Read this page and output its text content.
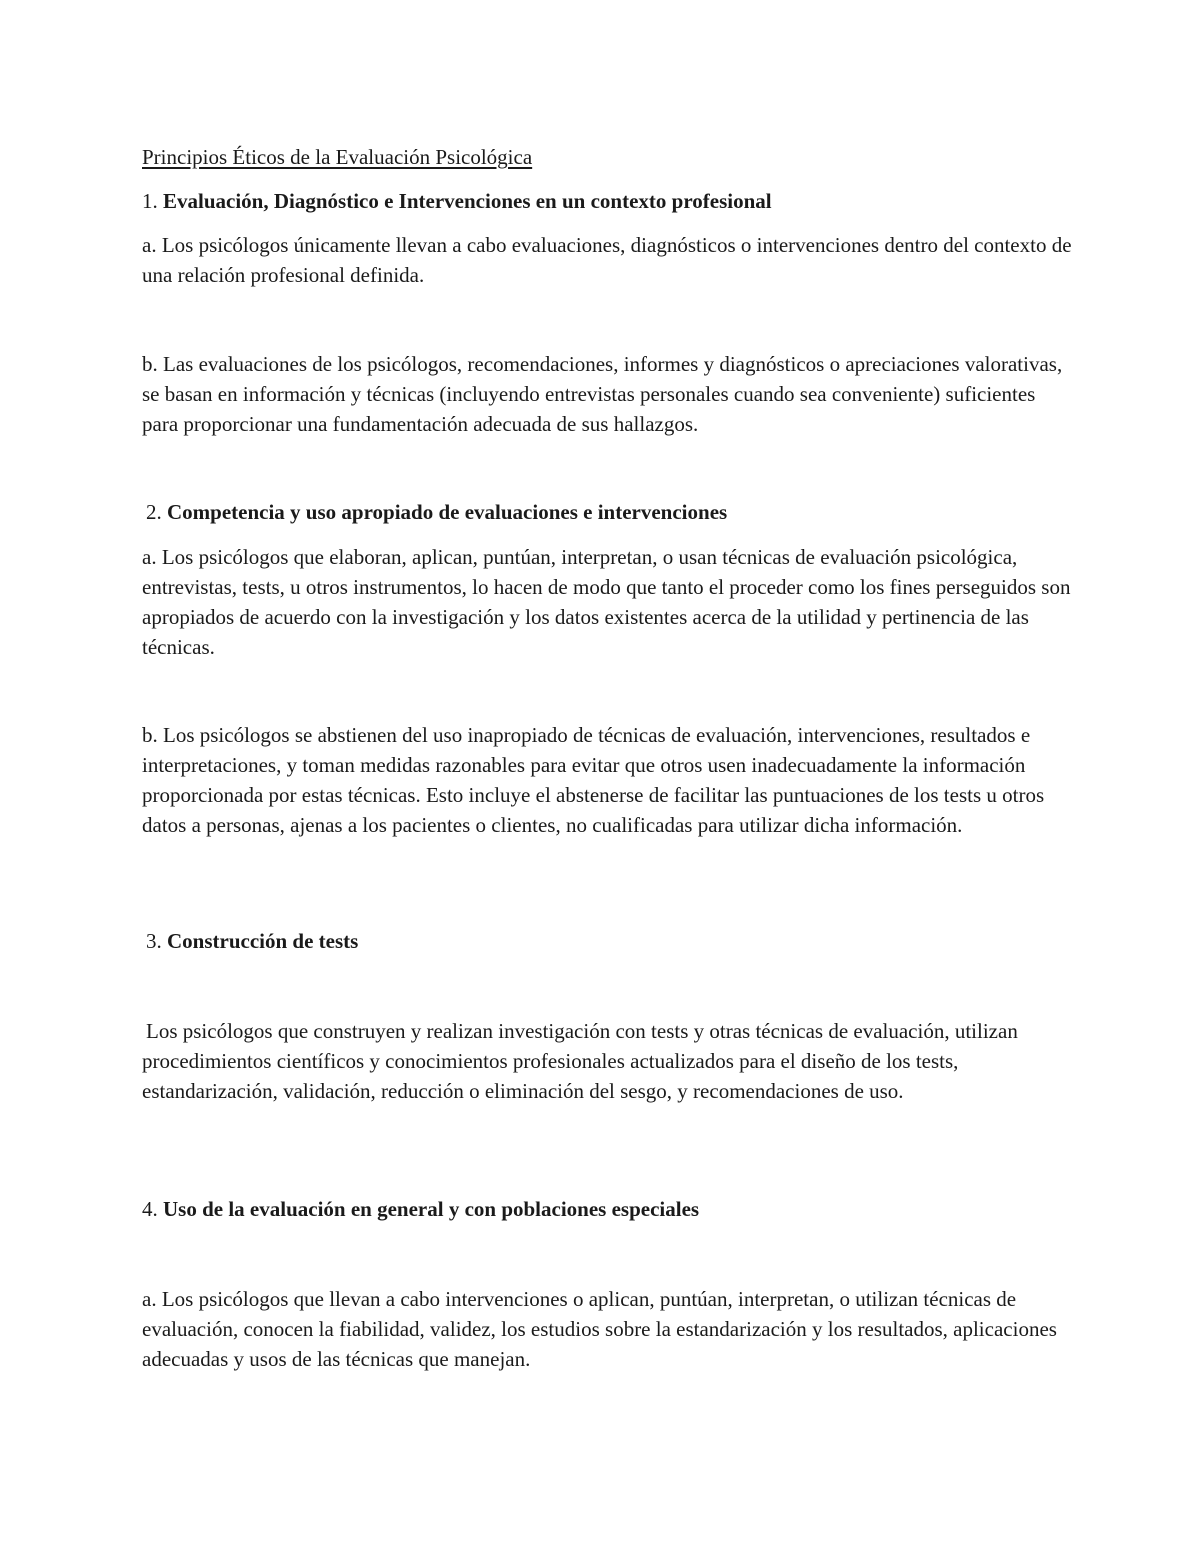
Principios Éticos de la Evaluación Psicológica

1. Evaluación, Diagnóstico e Intervenciones en un contexto profesional

a. Los psicólogos únicamente llevan a cabo evaluaciones, diagnósticos o intervenciones dentro del contexto de una relación profesional definida.

b. Las evaluaciones de los psicólogos, recomendaciones, informes y diagnósticos o apreciaciones valorativas, se basan en información y técnicas (incluyendo entrevistas personales cuando sea conveniente) suficientes para proporcionar una fundamentación adecuada de sus hallazgos.

2. Competencia y uso apropiado de evaluaciones e intervenciones

a. Los psicólogos que elaboran, aplican, puntúan, interpretan, o usan técnicas de evaluación psicológica, entrevistas, tests, u otros instrumentos, lo hacen de modo que tanto el proceder como los fines perseguidos son apropiados de acuerdo con la investigación y los datos existentes acerca de la utilidad y pertinencia de las técnicas.

b. Los psicólogos se abstienen del uso inapropiado de técnicas de evaluación, intervenciones, resultados e interpretaciones, y toman medidas razonables para evitar que otros usen inadecuadamente la información proporcionada por estas técnicas. Esto incluye el abstenerse de facilitar las puntuaciones de los tests u otros datos a personas, ajenas a los pacientes o clientes, no cualificadas para utilizar dicha información.

3. Construcción de tests

Los psicólogos que construyen y realizan investigación con tests y otras técnicas de evaluación, utilizan procedimientos científicos y conocimientos profesionales actualizados para el diseño de los tests, estandarización, validación, reducción o eliminación del sesgo, y recomendaciones de uso.

4. Uso de la evaluación en general y con poblaciones especiales

a. Los psicólogos que llevan a cabo intervenciones o aplican, puntúan, interpretan, o utilizan técnicas de evaluación, conocen la fiabilidad, validez, los estudios sobre la estandarización y los resultados, aplicaciones adecuadas y usos de las técnicas que manejan.
